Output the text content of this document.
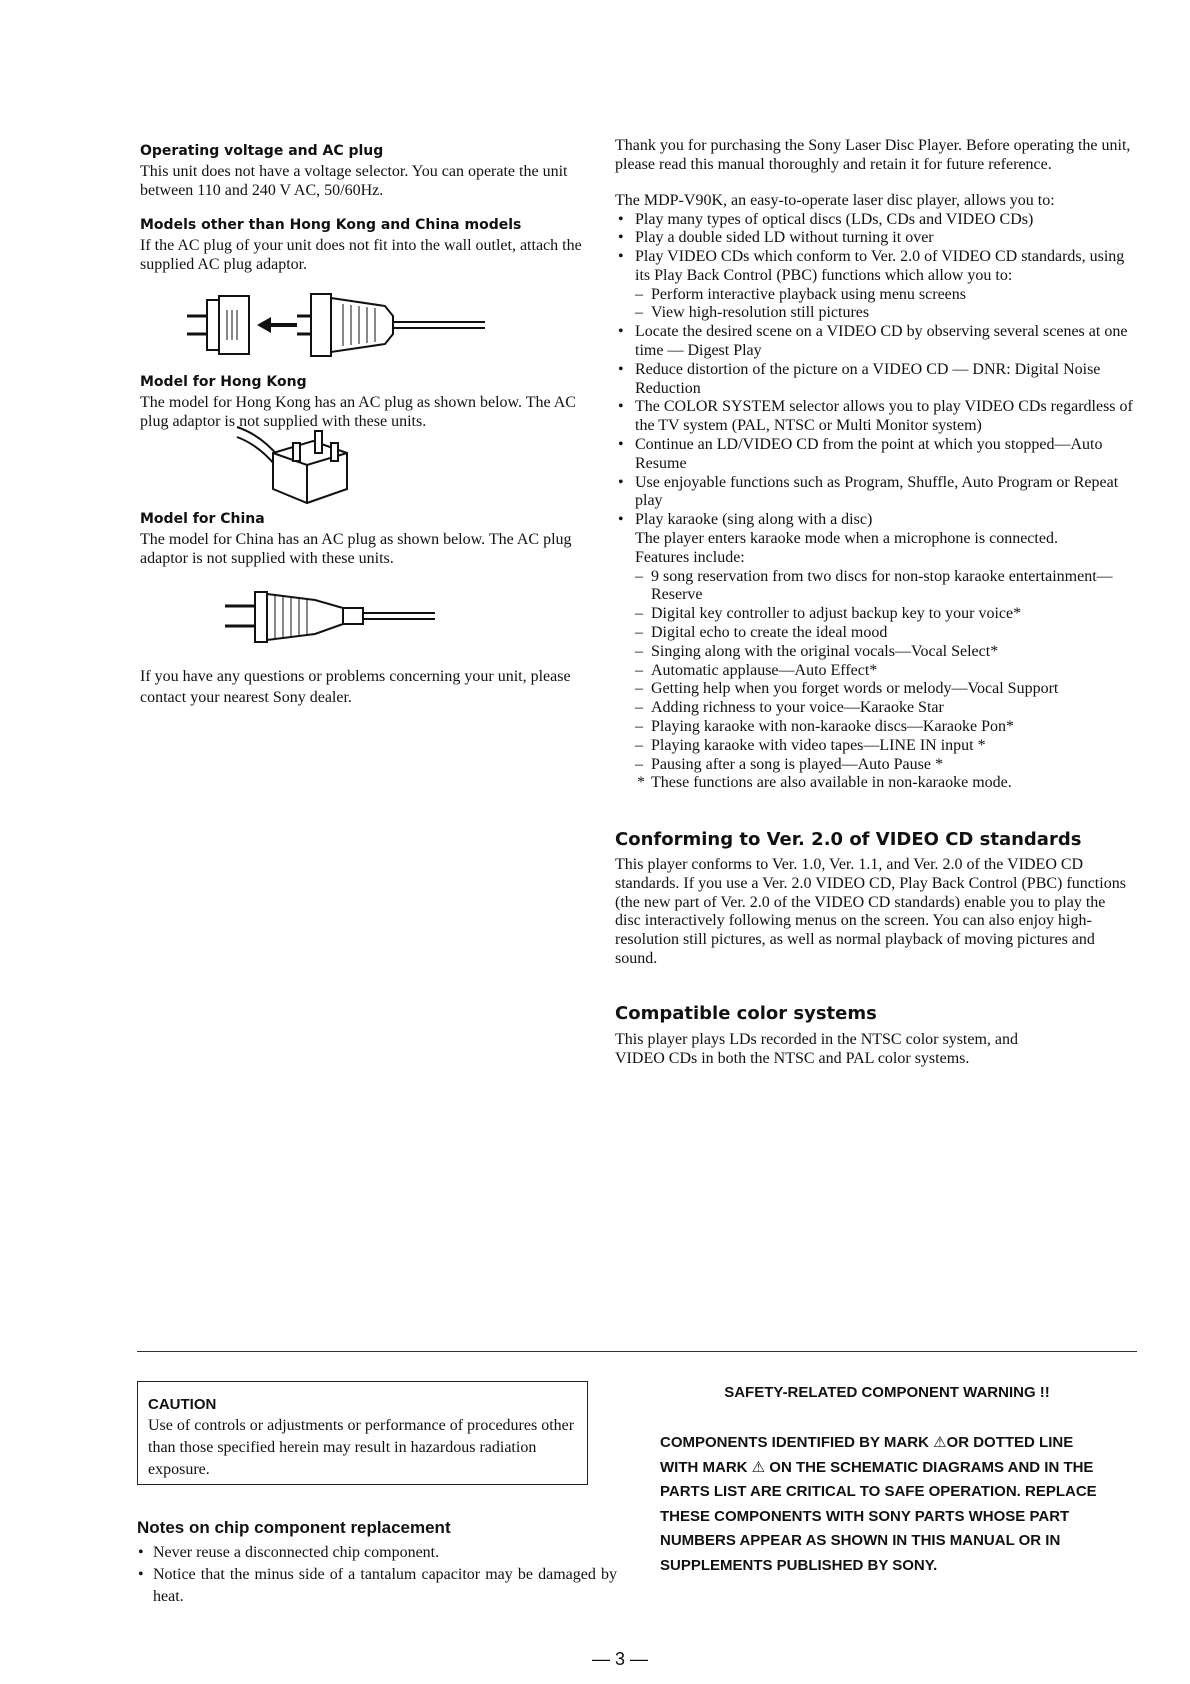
Operating voltage and AC plug

This unit does not have a voltage selector. You can operate the unit between 110 and 240 V AC, 50/60Hz.

Models other than Hong Kong and China models

If the AC plug of your unit does not fit into the wall outlet, attach the supplied AC plug adaptor.

Model for Hong Kong

The model for Hong Kong has an AC plug as shown below. The AC plug adaptor is not supplied with these units.

Model for China

The model for China has an AC plug as shown below. The AC plug adaptor is not supplied with these units.

If you have any questions or problems concerning your unit, please contact your nearest Sony dealer.

Thank you for purchasing the Sony Laser Disc Player. Before operating the unit, please read this manual thoroughly and retain it for future reference.

The MDP-V90K, an easy-to-operate laser disc player, allows you to:

• Play many types of optical discs (LDs, CDs and VIDEO CDs)
• Play a double sided LD without turning it over
• Play VIDEO CDs which conform to Ver. 2.0 of VIDEO CD standards, using its Play Back Control (PBC) functions which allow you to:
– Perform interactive playback using menu screens
– View high-resolution still pictures
• Locate the desired scene on a VIDEO CD by observing several scenes at one time — Digest Play
• Reduce distortion of the picture on a VIDEO CD — DNR: Digital Noise Reduction
• The COLOR SYSTEM selector allows you to play VIDEO CDs regardless of the TV system (PAL, NTSC or Multi Monitor system)
• Continue an LD/VIDEO CD from the point at which you stopped—Auto Resume
• Use enjoyable functions such as Program, Shuffle, Auto Program or Repeat play
• Play karaoke (sing along with a disc)
The player enters karaoke mode when a microphone is connected.
Features include:
– 9 song reservation from two discs for non-stop karaoke entertainment—Reserve
– Digital key controller to adjust backup key to your voice*
– Digital echo to create the ideal mood
– Singing along with the original vocals—Vocal Select*
– Automatic applause—Auto Effect*
– Getting help when you forget words or melody—Vocal Support
– Adding richness to your voice—Karaoke Star
– Playing karaoke with non-karaoke discs—Karaoke Pon*
– Playing karaoke with video tapes—LINE IN input *
– Pausing after a song is played—Auto Pause *
* These functions are also available in non-karaoke mode.
Conforming to Ver. 2.0 of VIDEO CD standards

This player conforms to Ver. 1.0, Ver. 1.1, and Ver. 2.0 of the VIDEO CD standards. If you use a Ver. 2.0 VIDEO CD, Play Back Control (PBC) functions (the new part of Ver. 2.0 of the VIDEO CD standards) enable you to play the disc interactively following menus on the screen. You can also enjoy high-resolution still pictures, as well as normal playback of moving pictures and sound.

Compatible color systems

This player plays LDs recorded in the NTSC color system, and VIDEO CDs in both the NTSC and PAL color systems.

CAUTION

Use of controls or adjustments or performance of procedures other than those specified herein may result in hazardous radiation exposure.

Notes on chip component replacement
• Never reuse a disconnected chip component.
• Notice that the minus side of a tantalum capacitor may be damaged by heat.
SAFETY-RELATED COMPONENT WARNING !!

COMPONENTS IDENTIFIED BY MARK ⚠OR DOTTED LINE WITH MARK ⚠ ON THE SCHEMATIC DIAGRAMS AND IN THE PARTS LIST ARE CRITICAL TO SAFE OPERATION. REPLACE THESE COMPONENTS WITH SONY PARTS WHOSE PART NUMBERS APPEAR AS SHOWN IN THIS MANUAL OR IN SUPPLEMENTS PUBLISHED BY SONY.

— 3 —
